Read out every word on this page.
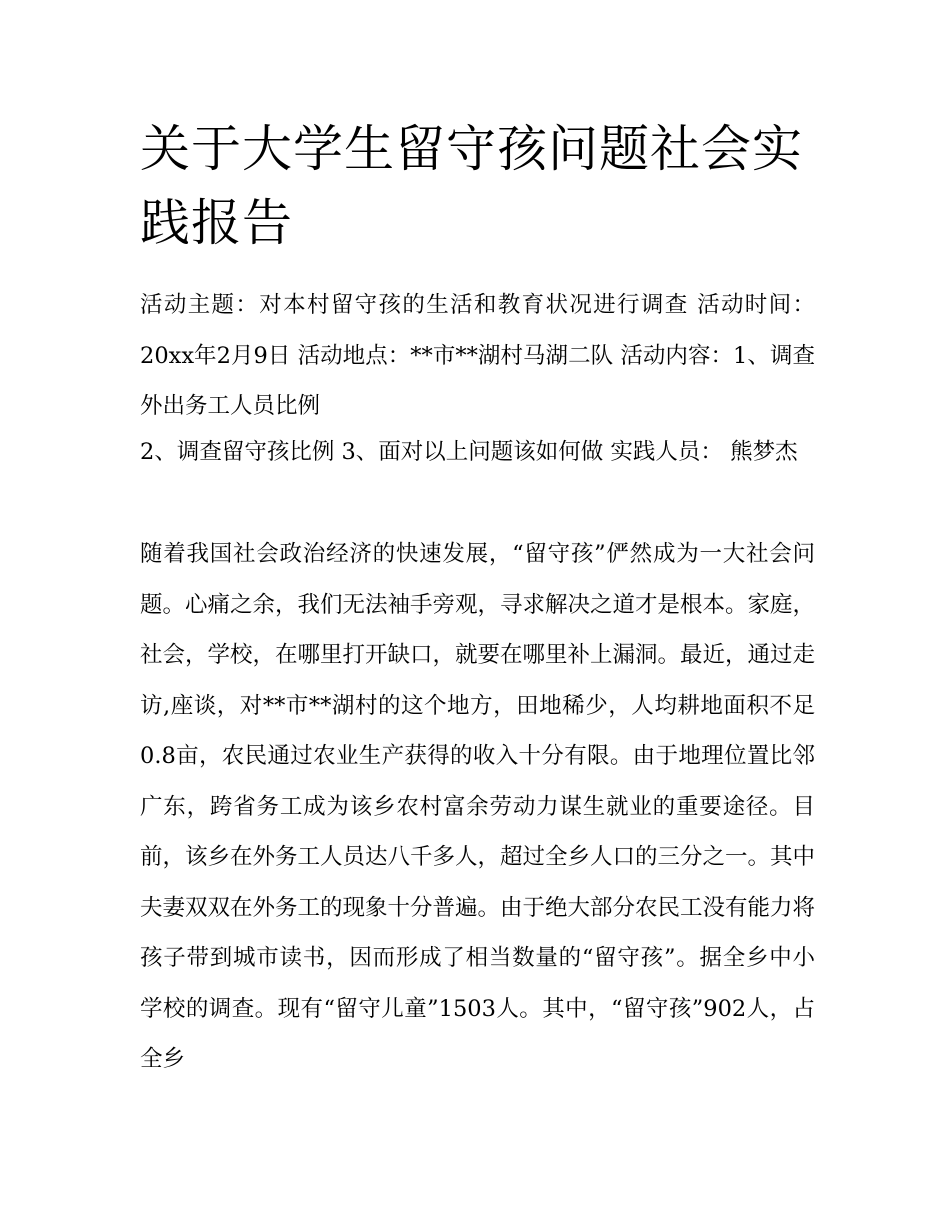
关于大学生留守孩问题社会实践报告

活动主题：对本村留守孩的生活和教育状况进行调查 活动时间：20xx年2月9日 活动地点：**市**湖村马湖二队 活动内容：1、调查外出务工人员比例

2、调查留守孩比例 3、面对以上问题该如何做 实践人员： 熊梦杰

随着我国社会政治经济的快速发展，“留守孩”俨然成为一大社会问题。心痛之余，我们无法袖手旁观，寻求解决之道才是根本。家庭，社会，学校，在哪里打开缺口，就要在哪里补上漏洞。最近，通过走访,座谈，对**市**湖村的这个地方，田地稀少，人均耕地面积不足0.8亩，农民通过农业生产获得的收入十分有限。由于地理位置比邻广东，跨省务工成为该乡农村富余劳动力谋生就业的重要途径。目前，该乡在外务工人员达八千多人，超过全乡人口的三分之一。其中夫妻双双在外务工的现象十分普遍。由于绝大部分农民工没有能力将孩子带到城市读书，因而形成了相当数量的“留守孩”。据全乡中小学校的调查。现有“留守儿童”1503人。其中，“留守孩”902人，占全乡
